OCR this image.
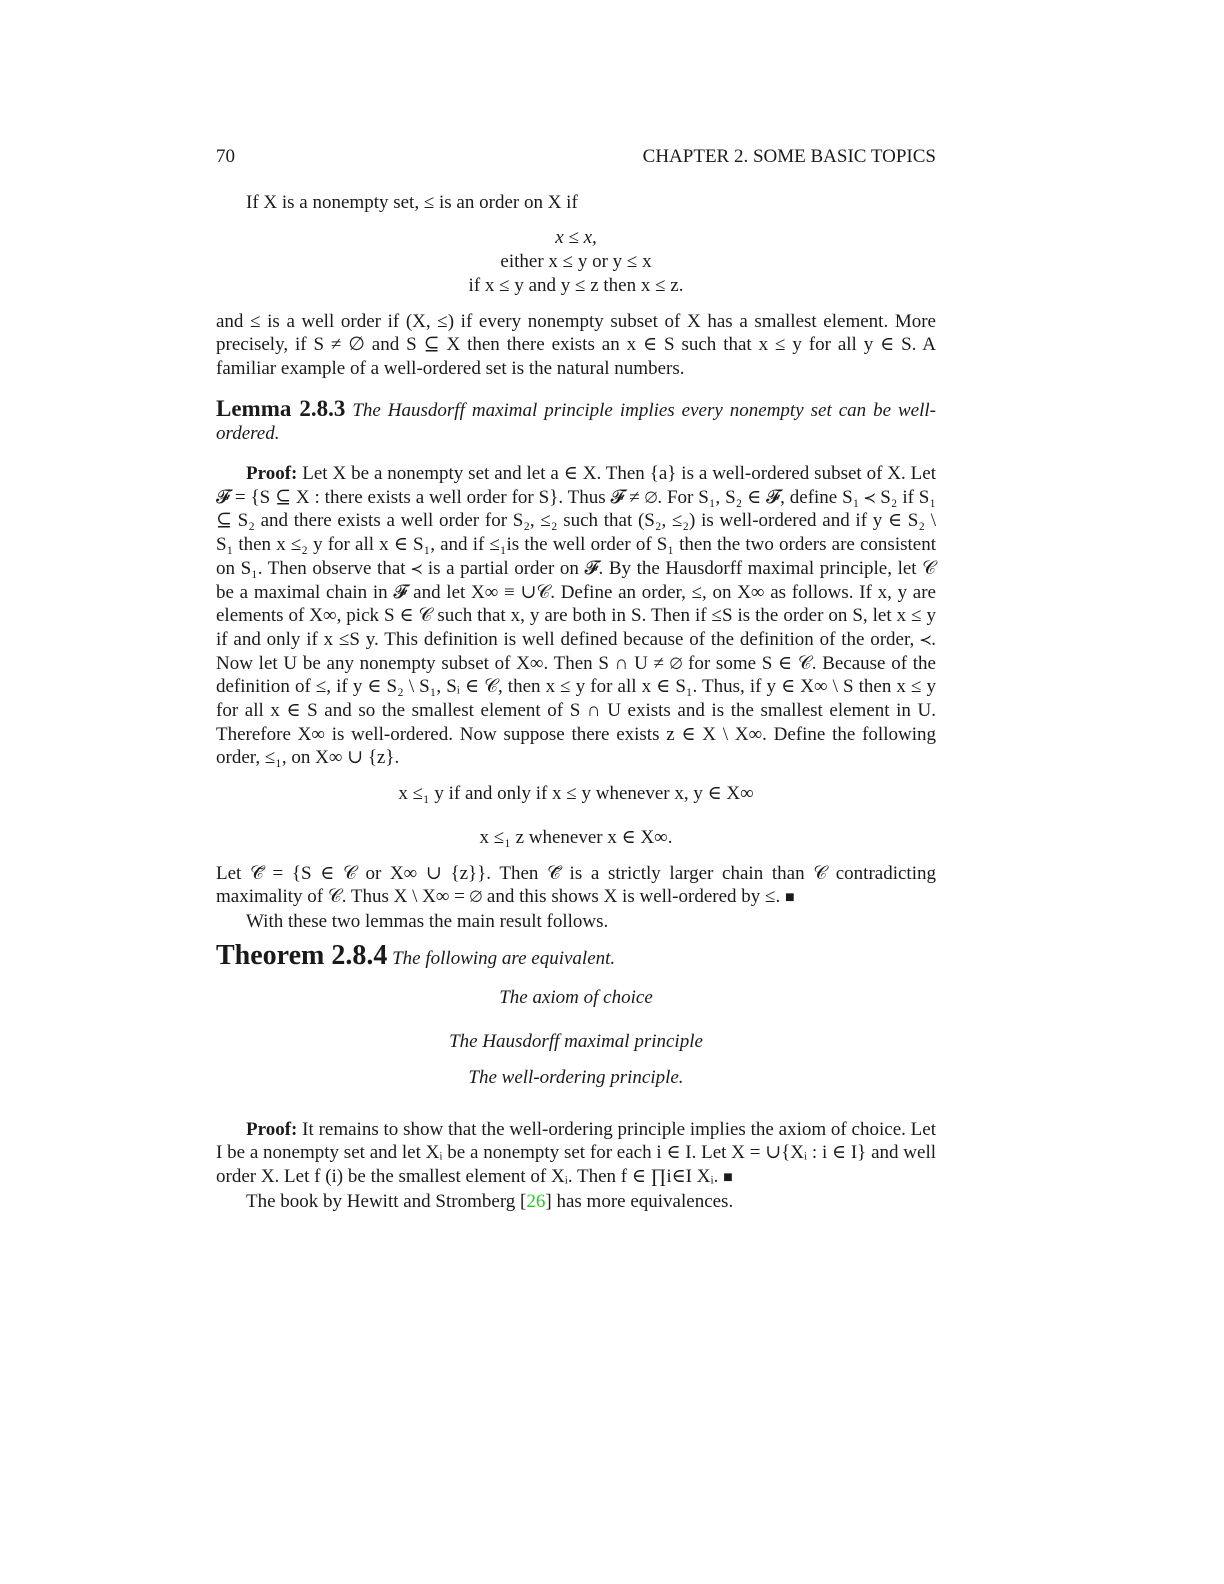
70	CHAPTER 2. SOME BASIC TOPICS

If X is a nonempty set, ≤ is an order on X if

x ≤ x,

either x ≤ y or y ≤ x

if x ≤ y and y ≤ z then x ≤ z.

and ≤ is a well order if (X, ≤) if every nonempty subset of X has a smallest element. More precisely, if S ≠ ∅ and S ⊆ X then there exists an x ∈ S such that x ≤ y for all y ∈ S. A familiar example of a well-ordered set is the natural numbers.

Lemma 2.8.3 The Hausdorff maximal principle implies every nonempty set can be well-ordered.

Proof: Let X be a nonempty set and let a ∈ X. Then {a} is a well-ordered subset of X. Let 𝓕 = {S ⊆ X : there exists a well order for S}. Thus 𝓕 ≠ ∅. For S₁, S₂ ∈ 𝓕, define S₁ ≺ S₂ if S₁ ⊆ S₂ and there exists a well order for S₂, ≤₂ such that (S₂, ≤₂) is well-ordered and if y ∈ S₂ \ S₁ then x ≤₂ y for all x ∈ S₁, and if ≤₁is the well order of S₁ then the two orders are consistent on S₁. Then observe that ≺ is a partial order on 𝓕. By the Hausdorff maximal principle, let 𝒞 be a maximal chain in 𝓕 and let X∞ ≡ ∪𝒞. Define an order, ≤, on X∞ as follows. If x, y are elements of X∞, pick S ∈ 𝒞 such that x, y are both in S. Then if ≤S is the order on S, let x ≤ y if and only if x ≤S y. This definition is well defined because of the definition of the order, ≺. Now let U be any nonempty subset of X∞. Then S ∩ U ≠ ∅ for some S ∈ 𝒞. Because of the definition of ≤, if y ∈ S₂ \ S₁, Sᵢ ∈ 𝒞, then x ≤ y for all x ∈ S₁. Thus, if y ∈ X∞ \ S then x ≤ y for all x ∈ S and so the smallest element of S ∩ U exists and is the smallest element in U. Therefore X∞ is well-ordered. Now suppose there exists z ∈ X \ X∞. Define the following order, ≤₁, on X∞ ∪ {z}.

x ≤₁ y if and only if x ≤ y whenever x, y ∈ X∞

x ≤₁ z whenever x ∈ X∞.

Let 𝒞̃ = {S ∈ 𝒞 or X∞ ∪ {z}}. Then 𝒞̃ is a strictly larger chain than 𝒞 contradicting maximality of 𝒞. Thus X \ X∞ = ∅ and this shows X is well-ordered by ≤. ■

With these two lemmas the main result follows.

Theorem 2.8.4 The following are equivalent.

The axiom of choice

The Hausdorff maximal principle

The well-ordering principle.

Proof: It remains to show that the well-ordering principle implies the axiom of choice. Let I be a nonempty set and let Xᵢ be a nonempty set for each i ∈ I. Let X = ∪{Xᵢ : i ∈ I} and well order X. Let f (i) be the smallest element of Xᵢ. Then f ∈ ∏i∈I Xᵢ. ■

The book by Hewitt and Stromberg [26] has more equivalences.
